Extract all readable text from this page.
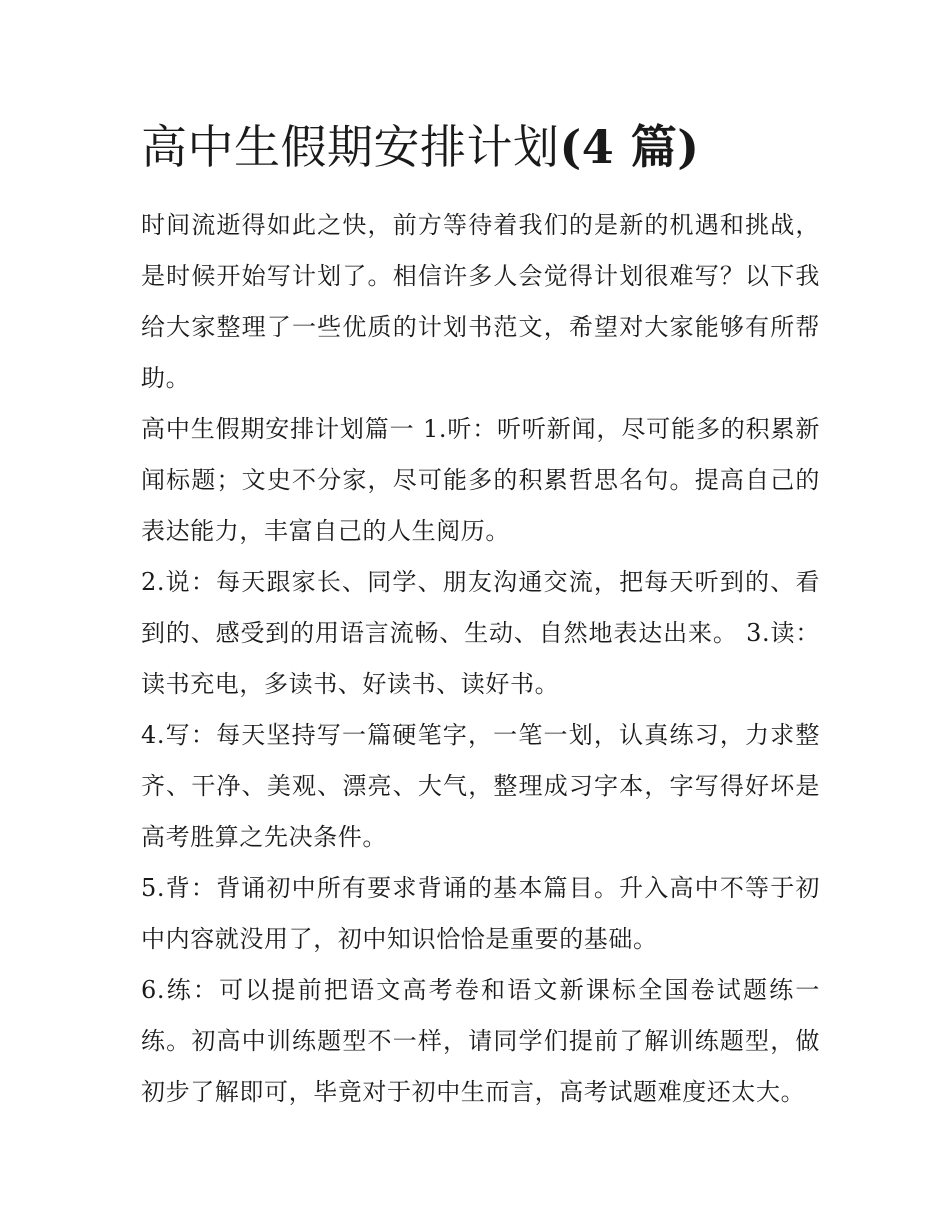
高中生假期安排计划(4 篇)

时间流逝得如此之快，前方等待着我们的是新的机遇和挑战，是时候开始写计划了。相信许多人会觉得计划很难写？以下我给大家整理了一些优质的计划书范文，希望对大家能够有所帮助。

高中生假期安排计划篇一 1.听：听听新闻，尽可能多的积累新闻标题；文史不分家，尽可能多的积累哲思名句。提高自己的表达能力，丰富自己的人生阅历。

2.说：每天跟家长、同学、朋友沟通交流，把每天听到的、看到的、感受到的用语言流畅、生动、自然地表达出来。 3.读：读书充电，多读书、好读书、读好书。

4.写：每天坚持写一篇硬笔字，一笔一划，认真练习，力求整齐、干净、美观、漂亮、大气，整理成习字本，字写得好坏是高考胜算之先决条件。

5.背：背诵初中所有要求背诵的基本篇目。升入高中不等于初中内容就没用了，初中知识恰恰是重要的基础。

6.练：可以提前把语文高考卷和语文新课标全国卷试题练一练。初高中训练题型不一样，请同学们提前了解训练题型，做初步了解即可，毕竟对于初中生而言，高考试题难度还太大。
